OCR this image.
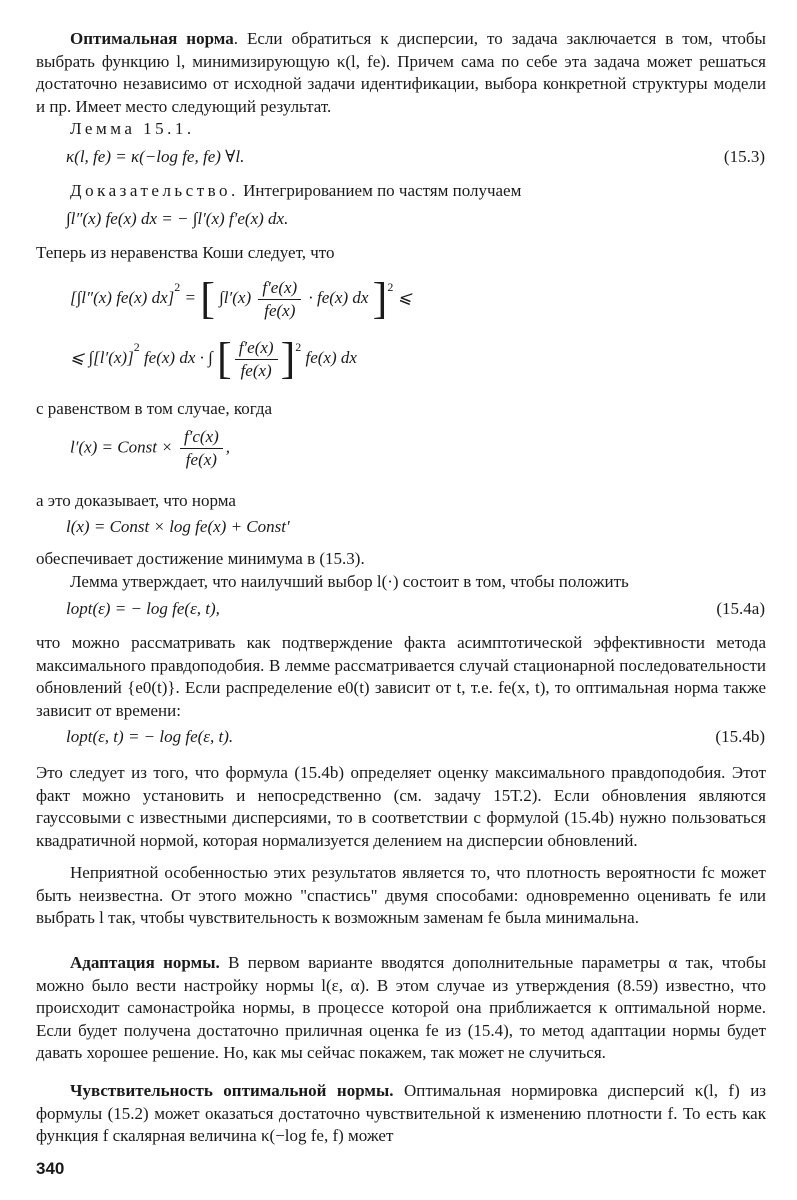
Оптимальная норма. Если обратиться к дисперсии, то задача заключается в том, чтобы выбрать функцию l, минимизирующую κ(l, fe). Причем сама по себе эта задача может решаться достаточно независимо от исходной задачи идентификации, выбора конкретной структуры модели и пр. Имеет место следующий результат.

Лемма 15.1.
κ(l, fe) = κ(−log fe, fe) ∀l.	(15.3)
Доказательство. Интегрированием по частям получаем
∫l″(x) fe(x) dx = − ∫l′(x) f′e(x) dx.
Теперь из неравенства Коши следует, что
[∫l″(x) fe(x) dx]$^2$ = [ $\int l'(x) \frac{f'e(x)}{fe(x)} \cdot fe(x)$ dx ]$^2$ ⩽
⩽ $\int[l'(x)]^2$ fe(x) dx · ∫ [ $\frac{f'e(x)}{fe(x)} ]^2$ fe(x) dx
с равенством в том случае, когда
l′(x) = Const × $\frac{f'c(x)}{fe(x)}$ ,
а это доказывает, что норма
l(x) = Const × log fe(x) + Const′
обеспечивает достижение минимума в (15.3).
Лемма утверждает, что наилучший выбор l(·) состоит в том, чтобы положить
lopt(ε) = − log fe(ε, t),	(15.4a)

что можно рассматривать как подтверждение факта асимптотической эффективности метода максимального правдоподобия. В лемме рассматривается случай стационарной последовательности обновлений {e0(t)}. Если распределение e0(t) зависит от t, т.е. fe(x, t), то оптимальная норма также зависит от времени:

lopt(ε, t) = − log fe(ε, t).	(15.4b)

Это следует из того, что формула (15.4b) определяет оценку максимального правдоподобия. Этот факт можно установить и непосредственно (см. задачу 15Т.2). Если обновления являются гауссовыми с известными дисперсиями, то в соответствии с формулой (15.4b) нужно пользоваться квадратичной нормой, которая нормализуется делением на дисперсии обновлений.

Неприятной особенностью этих результатов является то, что плотность вероятности fc может быть неизвестна. От этого можно "спастись" двумя способами: одновременно оценивать fe или выбрать l так, чтобы чувствительность к возможным заменам fe была минимальна.

Адаптация нормы. В первом варианте вводятся дополнительные параметры α так, чтобы можно было вести настройку нормы l(ε, α). В этом случае из утверждения (8.59) известно, что происходит самонастройка нормы, в процессе которой она приближается к оптимальной норме. Если будет получена достаточно приличная оценка fe из (15.4), то метод адаптации нормы будет давать хорошее решение. Но, как мы сейчас покажем, так может не случиться.

Чувствительность оптимальной нормы. Оптимальная нормировка дисперсий κ(l, f) из формулы (15.2) может оказаться достаточно чувствительной к изменению плотности f. То есть как функция f скалярная величина κ(−log fe, f) может

340
